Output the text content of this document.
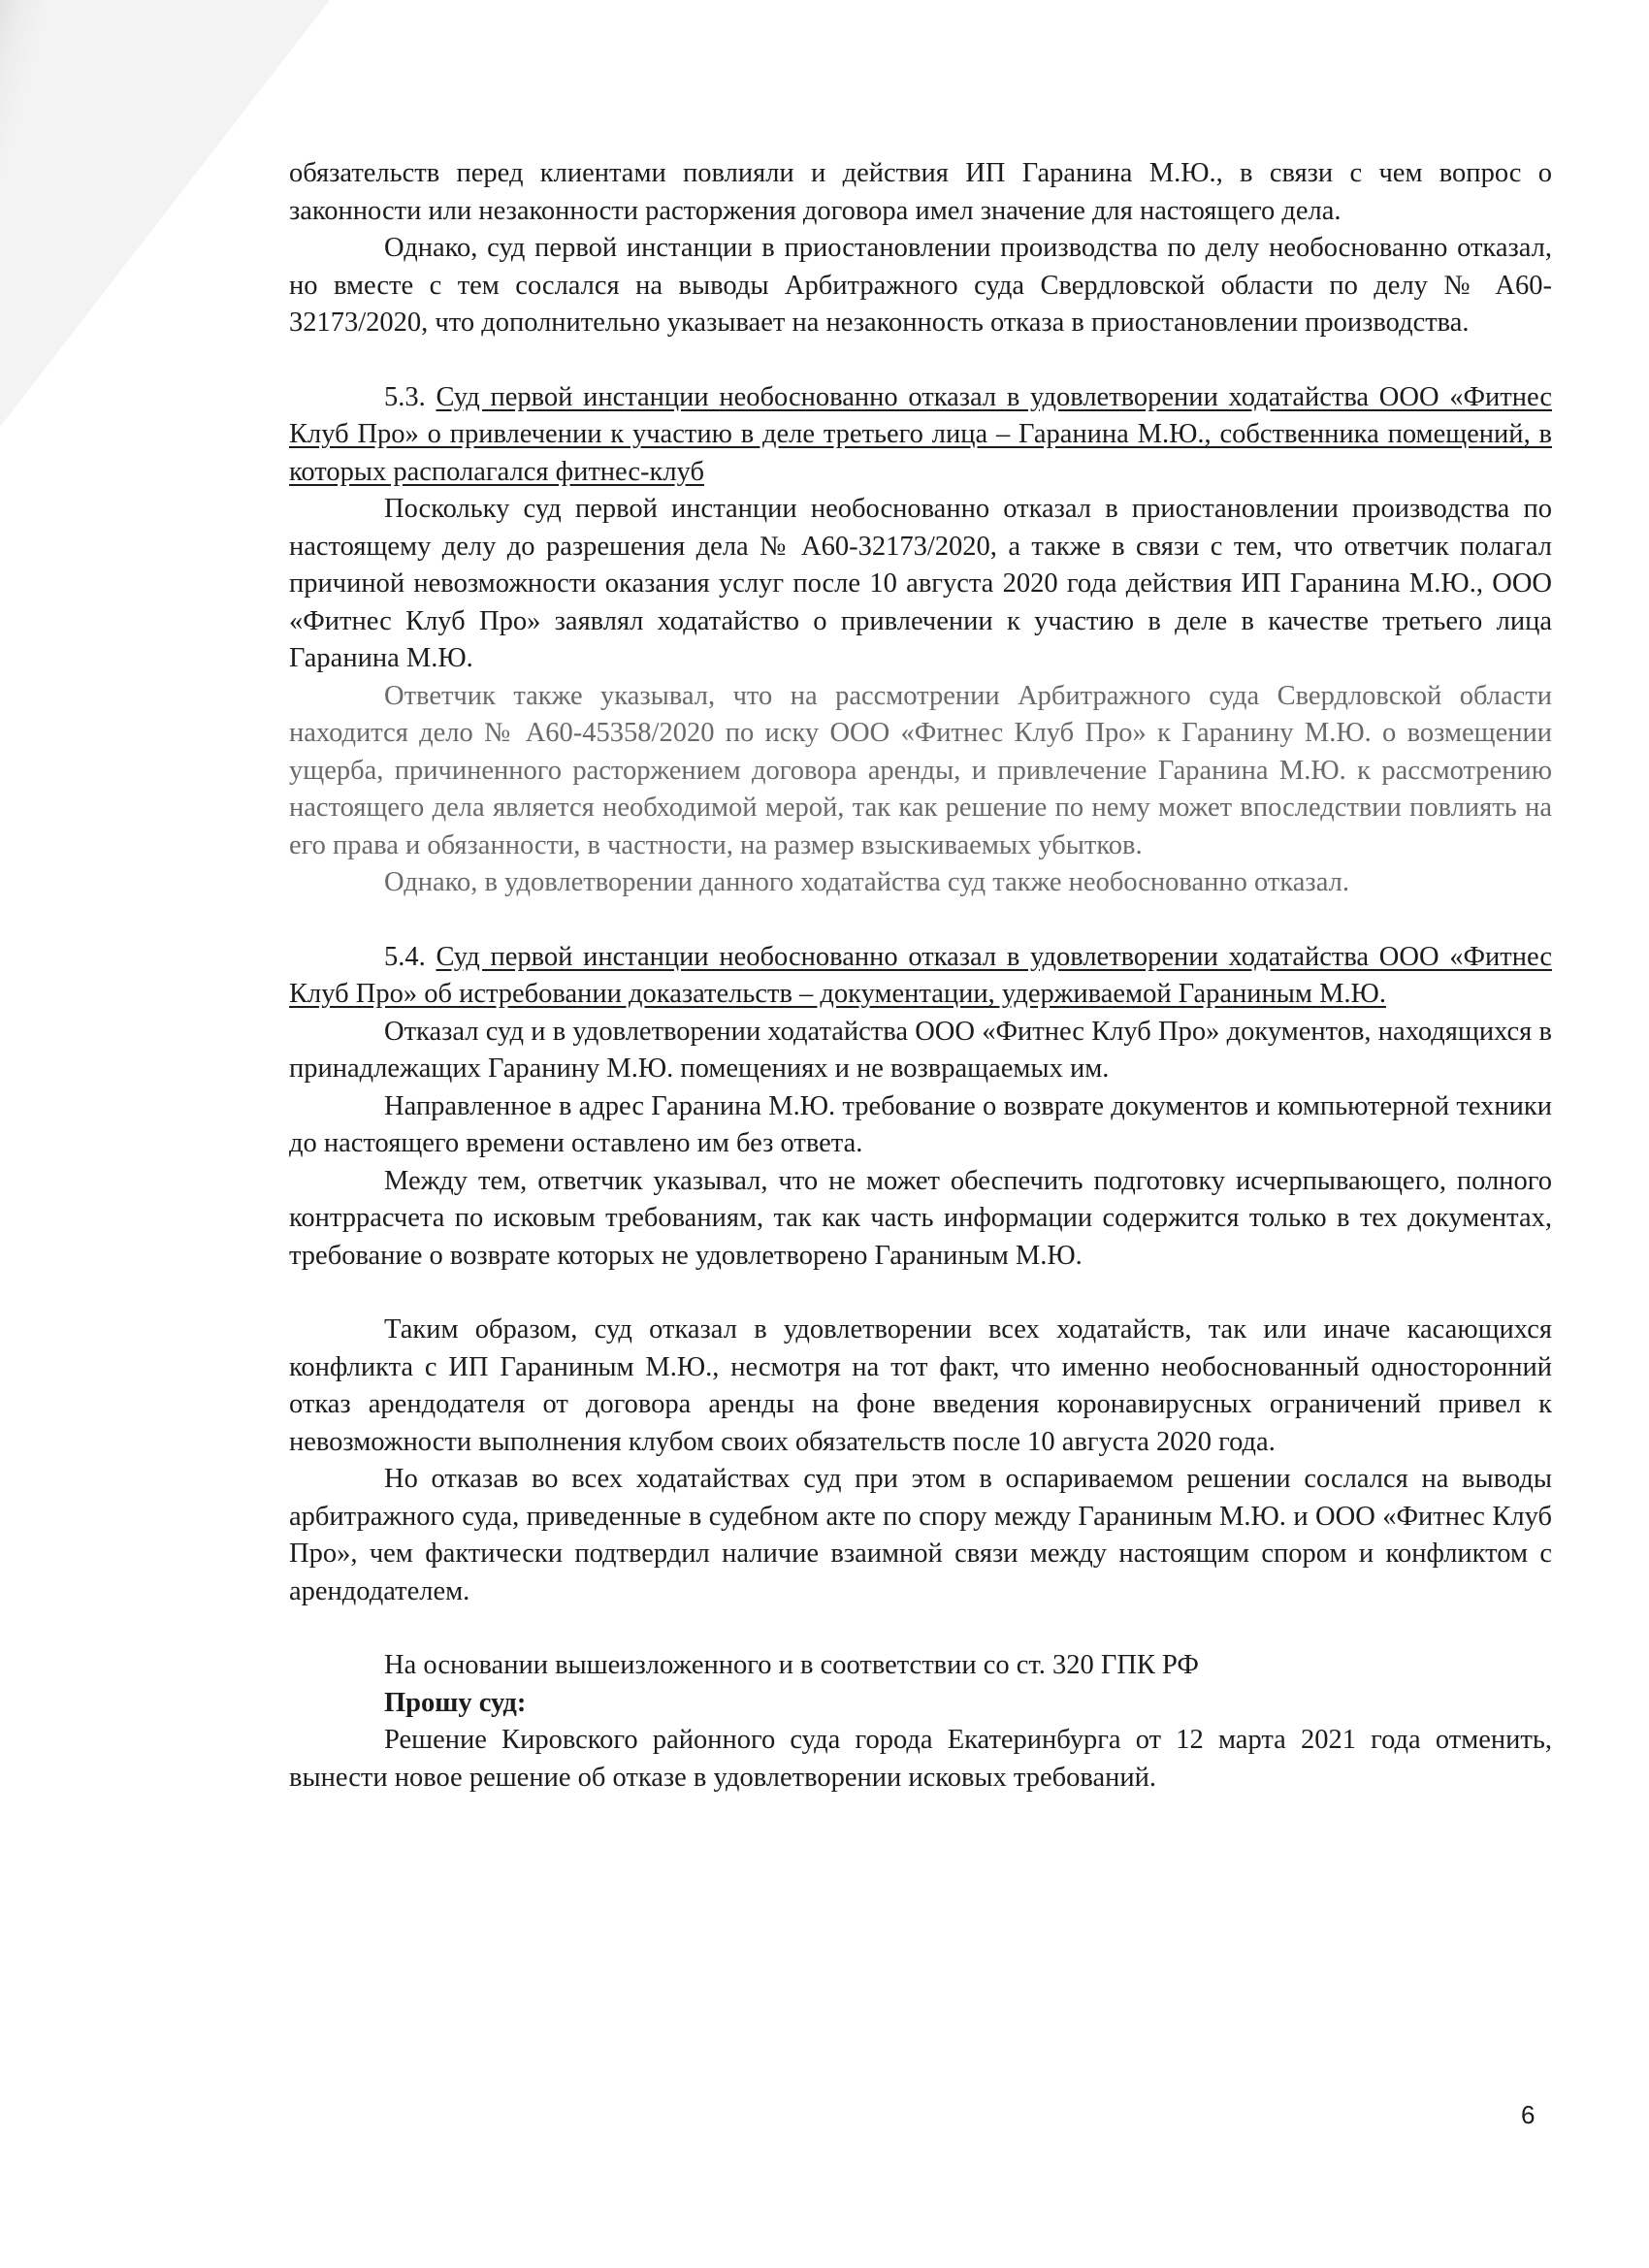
обязательств перед клиентами повлияли и действия ИП Гаранина М.Ю., в связи с чем вопрос о законности или незаконности расторжения договора имел значение для настоящего дела.

Однако, суд первой инстанции в приостановлении производства по делу необоснованно отказал, но вместе с тем сослался на выводы Арбитражного суда Свердловской области по делу № А60-32173/2020, что дополнительно указывает на незаконность отказа в приостановлении производства.

5.3. Суд первой инстанции необоснованно отказал в удовлетворении ходатайства ООО «Фитнес Клуб Про» о привлечении к участию в деле третьего лица – Гаранина М.Ю., собственника помещений, в которых располагался фитнес-клуб

Поскольку суд первой инстанции необоснованно отказал в приостановлении производства по настоящему делу до разрешения дела № А60-32173/2020, а также в связи с тем, что ответчик полагал причиной невозможности оказания услуг после 10 августа 2020 года действия ИП Гаранина М.Ю., ООО «Фитнес Клуб Про» заявлял ходатайство о привлечении к участию в деле в качестве третьего лица Гаранина М.Ю.

Ответчик также указывал, что на рассмотрении Арбитражного суда Свердловской области находится дело № А60-45358/2020 по иску ООО «Фитнес Клуб Про» к Гаранину М.Ю. о возмещении ущерба, причиненного расторжением договора аренды, и привлечение Гаранина М.Ю. к рассмотрению настоящего дела является необходимой мерой, так как решение по нему может впоследствии повлиять на его права и обязанности, в частности, на размер взыскиваемых убытков.

Однако, в удовлетворении данного ходатайства суд также необоснованно отказал.

5.4. Суд первой инстанции необоснованно отказал в удовлетворении ходатайства ООО «Фитнес Клуб Про» об истребовании доказательств – документации, удерживаемой Гараниным М.Ю.

Отказал суд и в удовлетворении ходатайства ООО «Фитнес Клуб Про» документов, находящихся в принадлежащих Гаранину М.Ю. помещениях и не возвращаемых им.

Направленное в адрес Гаранина М.Ю. требование о возврате документов и компьютерной техники до настоящего времени оставлено им без ответа.

Между тем, ответчик указывал, что не может обеспечить подготовку исчерпывающего, полного контррасчета по исковым требованиям, так как часть информации содержится только в тех документах, требование о возврате которых не удовлетворено Гараниным М.Ю.

Таким образом, суд отказал в удовлетворении всех ходатайств, так или иначе касающихся конфликта с ИП Гараниным М.Ю., несмотря на тот факт, что именно необоснованный односторонний отказ арендодателя от договора аренды на фоне введения коронавирусных ограничений привел к невозможности выполнения клубом своих обязательств после 10 августа 2020 года.

Но отказав во всех ходатайствах суд при этом в оспариваемом решении сослался на выводы арбитражного суда, приведенные в судебном акте по спору между Гараниным М.Ю. и ООО «Фитнес Клуб Про», чем фактически подтвердил наличие взаимной связи между настоящим спором и конфликтом с арендодателем.

На основании вышеизложенного и в соответствии со ст. 320 ГПК РФ

Прошу суд:

Решение Кировского районного суда города Екатеринбурга от 12 марта 2021 года отменить, вынести новое решение об отказе в удовлетворении исковых требований.

6
